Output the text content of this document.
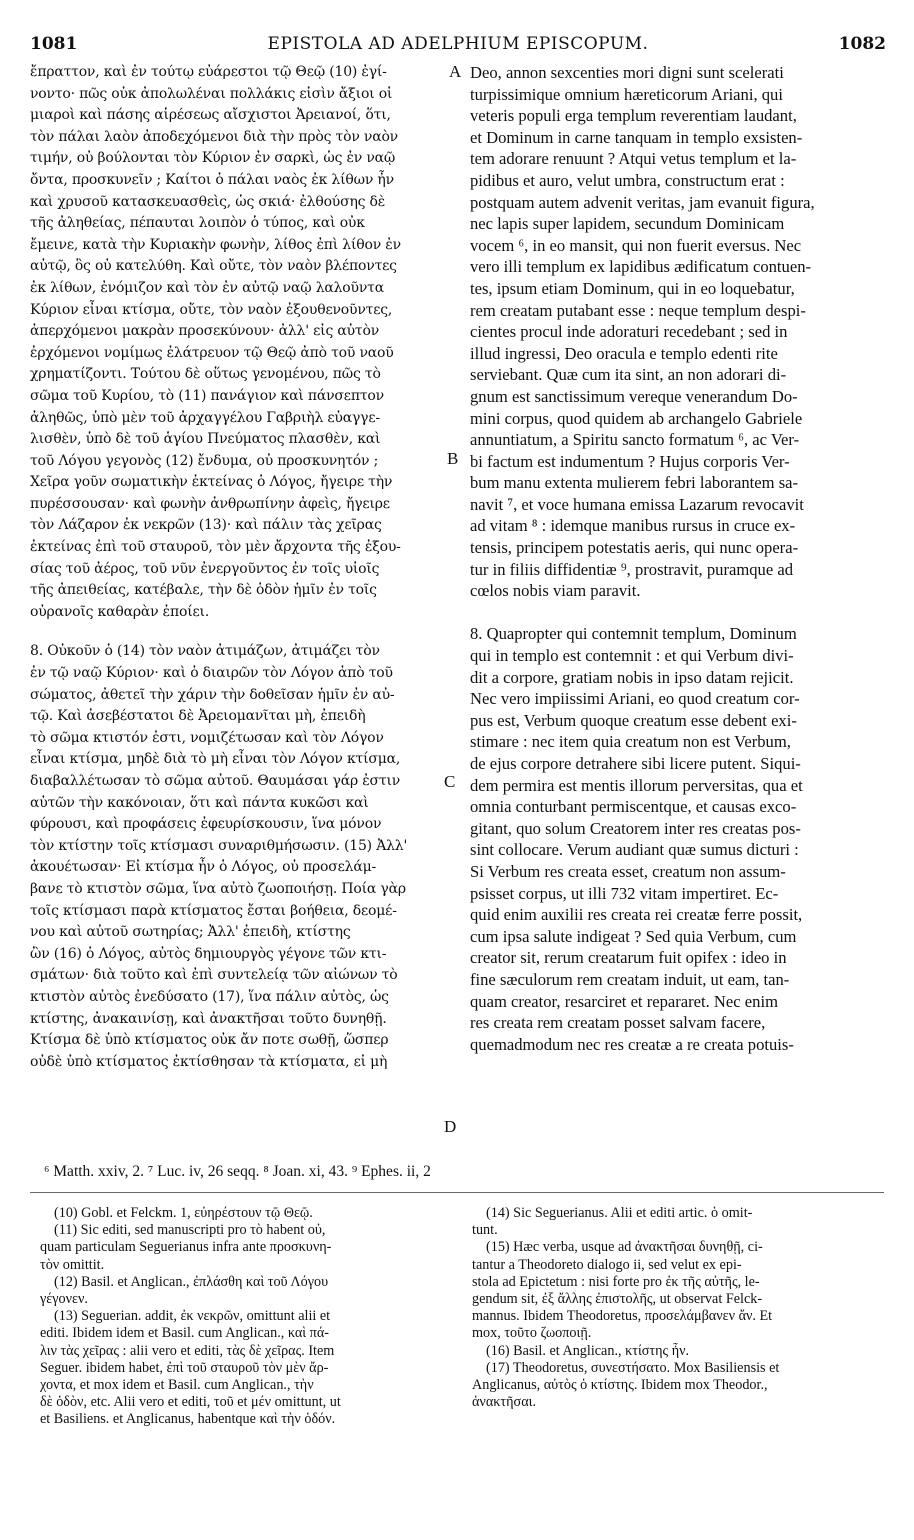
1081	EPISTOLA AD ADELPHIUM EPISCOPUM.	1082
ἔπραττον, καὶ ἐν τούτῳ εὐάρεστοι τῷ Θεῷ (10) ἐγί-
νοντο· πῶς οὐκ ἀπολωλέναι πολλάκις εἰσὶν ἄξιοι οἱ
μιαροὶ καὶ πάσης αἱρέσεως αἴσχιστοι Ἀρειανοί, ὅτι,
τὸν πάλαι λαὸν ἀποδεχόμενοι διὰ τὴν πρὸς τὸν ναὸν
τιμήν, οὐ βούλονται τὸν Κύριον ἐν σαρκὶ, ὡς ἐν ναῷ
ὄντα, προσκυνεῖν ; Καίτοι ὁ πάλαι ναὸς ἐκ λίθων ἦν
καὶ χρυσοῦ κατασκευασθεὶς, ὡς σκιά· ἐλθούσης δὲ
τῆς ἀληθείας, πέπαυται λοιπὸν ὁ τύπος, καὶ οὐκ
ἔμεινε, κατὰ τὴν Κυριακὴν φωνὴν, λίθος ἐπὶ λίθον ἐν
αὐτῷ, ὃς οὐ κατελύθη. Καὶ οὔτε, τὸν ναὸν βλέποντες
ἐκ λίθων, ἐνόμιζον καὶ τὸν ἐν αὐτῷ ναῷ λαλοῦντα
Κύριον εἶναι κτίσμα, οὔτε, τὸν ναὸν ἐξουθενοῦντες,
ἀπερχόμενοι μακρὰν προσεκύνουν· ἀλλ' εἰς αὐτὸν
ἐρχόμενοι νομίμως ἐλάτρευον τῷ Θεῷ ἀπὸ τοῦ ναοῦ
χρηματίζοντι. Τούτου δὲ οὕτως γενομένου, πῶς τὸ
σῶμα τοῦ Κυρίου, τὸ (11) πανάγιον καὶ πάνσεπτον
ἀληθῶς, ὑπὸ μὲν τοῦ ἀρχαγγέλου Γαβριὴλ εὐαγγε-
λισθὲν, ὑπὸ δὲ τοῦ ἁγίου Πνεύματος πλασθὲν, καὶ
τοῦ Λόγου γεγονὸς (12) ἔνδυμα, οὐ προσκυνητόν ;
Χεῖρα γοῦν σωματικὴν ἐκτείνας ὁ Λόγος, ἤγειρε τὴν
πυρέσσουσαν· καὶ φωνὴν ἀνθρωπίνην ἀφεὶς, ἤγειρε
τὸν Λάζαρον ἐκ νεκρῶν (13)· καὶ πάλιν τὰς χεῖρας
ἐκτείνας ἐπὶ τοῦ σταυροῦ, τὸν μὲν ἄρχοντα τῆς ἐξου-
σίας τοῦ ἀέρος, τοῦ νῦν ἐνεργοῦντος ἐν τοῖς υἱοῖς
τῆς ἀπειθείας, κατέβαλε, τὴν δὲ ὁδὸν ἡμῖν ἐν τοῖς
οὐρανοῖς καθαρὰν ἐποίει.
8. Οὐκοῦν ὁ (14) τὸν ναὸν ἀτιμάζων, ἀτιμάζει τὸν
ἐν τῷ ναῷ Κύριον· καὶ ὁ διαιρῶν τὸν Λόγον ἀπὸ τοῦ
σώματος, ἀθετεῖ τὴν χάριν τὴν δοθεῖσαν ἡμῖν ἐν αὐ-
τῷ. Καὶ ἀσεβέστατοι δὲ Ἀρειομανῖται μὴ, ἐπειδὴ
τὸ σῶμα κτιστόν ἐστι, νομιζέτωσαν καὶ τὸν Λόγον
εἶναι κτίσμα, μηδὲ διὰ τὸ μὴ εἶναι τὸν Λόγον κτίσμα,
διαβαλλέτωσαν τὸ σῶμα αὐτοῦ. Θαυμάσαι γάρ ἐστιν
αὐτῶν τὴν κακόνοιαν, ὅτι καὶ πάντα κυκῶσι καὶ
φύρουσι, καὶ προφάσεις ἐφευρίσκουσιν, ἵνα μόνον
τὸν κτίστην τοῖς κτίσμασι συναριθμήσωσιν. (15) Ἀλλ'
ἀκουέτωσαν· Εἰ κτίσμα ἦν ὁ Λόγος, οὐ προσελάμ-
βανε τὸ κτιστὸν σῶμα, ἵνα αὐτὸ ζωοποιήσῃ. Ποία γὰρ
τοῖς κτίσμασι παρὰ κτίσματος ἔσται βοήθεια, δεομέ-
νου καὶ αὐτοῦ σωτηρίας; Ἀλλ' ἐπειδὴ, κτίστης
ὢν (16) ὁ Λόγος, αὐτὸς δημιουργὸς γέγονε τῶν κτι-
σμάτων· διὰ τοῦτο καὶ ἐπὶ συντελείᾳ τῶν αἰώνων τὸ
κτιστὸν αὐτὸς ἐνεδύσατο (17), ἵνα πάλιν αὐτὸς, ὡς
κτίστης, ἀνακαινίσῃ, καὶ ἀνακτῆσαι τοῦτο δυνηθῇ.
Κτίσμα δὲ ὑπὸ κτίσματος οὐκ ἄν ποτε σωθῇ, ὥσπερ
οὐδὲ ὑπὸ κτίσματος ἐκτίσθησαν τὰ κτίσματα, εἰ μὴ
Deo, annon sexcenties mori digni sunt scelerati
turpissimique omnium hæreticorum Ariani, qui
veteris populi erga templum reverentiam laudant,
et Dominum in carne tanquam in templo exsisten-
tem adorare renuunt ? Atqui vetus templum et la-
pidibus et auro, velut umbra, constructum erat :
postquam autem advenit veritas, jam evanuit figura,
nec lapis super lapidem, secundum Dominicam
vocem ⁶, in eo mansit, qui non fuerit eversus. Nec
vero illi templum ex lapidibus ædificatum contuen-
tes, ipsum etiam Dominum, qui in eo loquebatur,
rem creatam putabant esse : neque templum despi-
cientes procul inde adoraturi recedebant ; sed in
illud ingressi, Deo oracula e templo edenti rite
serviebant. Quæ cum ita sint, an non adorari di-
gnum est sanctissimum vereque venerandum Do-
mini corpus, quod quidem ab archangelo Gabriele
annuntiatum, a Spiritu sancto formatum ⁶, ac Ver-
bi factum est indumentum ? Hujus corporis Ver-
bum manu extenta mulierem febri laborantem sa-
navit ⁷, et voce humana emissa Lazarum revocavit
ad vitam ⁸ : idemque manibus rursus in cruce ex-
tensis, principem potestatis aeris, qui nunc opera-
tur in filiis diffidentiæ ⁹, prostravit, puramque ad
cœlos nobis viam paravit.
8. Quapropter qui contemnit templum, Dominum
qui in templo est contemnit : et qui Verbum divi-
dit a corpore, gratiam nobis in ipso datam rejicit.
Nec vero impiissimi Ariani, eo quod creatum cor-
pus est, Verbum quoque creatum esse debent exi-
stimare : nec item quia creatum non est Verbum,
de ejus corpore detrahere sibi licere putent. Siqui-
dem permira est mentis illorum perversitas, qua et
omnia conturbant permiscentque, et causas exco-
gitant, quo solum Creatorem inter res creatas pos-
sint collocare. Verum audiant quæ sumus dicturi :
Si Verbum res creata esset, creatum non assum-
psisset corpus, ut illi 732 vitam impertiret. Ec-
quid enim auxilii res creata rei creatæ ferre possit,
cum ipsa salute indigeat ? Sed quia Verbum, cum
creator sit, rerum creatarum fuit opifex : ideo in
fine sæculorum rem creatam induit, ut eam, tan-
quam creator, resarciret et repararet. Nec enim
res creata rem creatam posset salvam facere,
quemadmodum nec res creatæ a re creata potuis-
A
B
C
D
⁶ Matth. xxiv, 2. ⁷ Luc. iv, 26 seqq. ⁸ Joan. xi, 43. ⁹ Ephes. ii, 2
(10) Gobl. et Felckm. 1, εὐηρέστουν τῷ Θεῷ.
(11) Sic editi, sed manuscripti pro τὸ habent οὐ,
quam particulam Seguerianus infra ante προσκυνη-
τὸν omittit.
(12) Basil. et Anglican., ἐπλάσθη καὶ τοῦ Λόγου
γέγονεν.
(13) Seguerian. addit, ἐκ νεκρῶν, omittunt alii et
editi. Ibidem idem et Basil. cum Anglican., καὶ πά-
λιν τὰς χεῖρας : alii vero et editi, τὰς δὲ χεῖρας. Item
Seguer. ibidem habet, ἐπὶ τοῦ σταυροῦ τὸν μὲν ἄρ-
χοντα, et mox idem et Basil. cum Anglican., τὴν
δὲ ὁδὸν, etc. Alii vero et editi, τοῦ et μέν omittunt, ut
et Basiliens. et Anglicanus, habentque καὶ τὴν ὁδόν.
(14) Sic Seguerianus. Alii et editi artic. ὁ omit-
tunt.
(15) Hæc verba, usque ad ἀνακτῆσαι δυνηθῇ, ci-
tantur a Theodoreto dialogo ii, sed velut ex epi-
stola ad Epictetum : nisi forte pro ἐκ τῆς αὐτῆς, le-
gendum sit, ἐξ ἄλλης ἐπιστολῆς, ut observat Felck-
mannus. Ibidem Theodoretus, προσελάμβανεν ἄν. Et
mox, τοῦτο ζωοποιῇ.
(16) Basil. et Anglican., κτίστης ἦν.
(17) Theodoretus, συνεστήσατο. Mox Basiliensis et
Anglicanus, αὐτὸς ὁ κτίστης. Ibidem mox Theodor.,
ἀνακτῆσαι.
